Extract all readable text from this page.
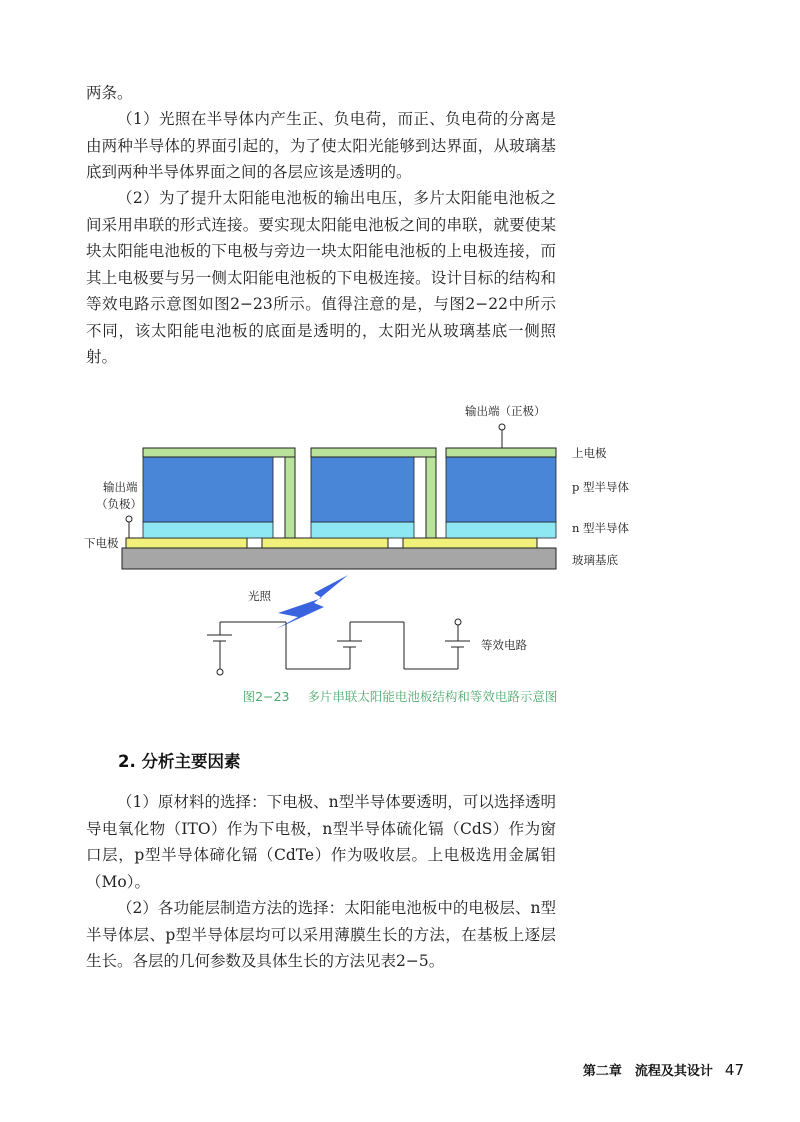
两条。

（1）光照在半导体内产生正、负电荷，而正、负电荷的分离是由两种半导体的界面引起的，为了使太阳光能够到达界面，从玻璃基底到两种半导体界面之间的各层应该是透明的。

（2）为了提升太阳能电池板的输出电压，多片太阳能电池板之间采用串联的形式连接。要实现太阳能电池板之间的串联，就要使某块太阳能电池板的下电极与旁边一块太阳能电池板的上电极连接，而其上电极要与另一侧太阳能电池板的下电极连接。设计目标的结构和等效电路示意图如图2−23所示。值得注意的是，与图2−22中所示不同，该太阳能电池板的底面是透明的，太阳光从玻璃基底一侧照射。

输出端（正极）
上电极
p 型半导体
n 型半导体
玻璃基底
输出端
（负极）
下电极
光照
等效电路
图2−23 多片串联太阳能电池板结构和等效电路示意图
2. 分析主要因素

（1）原材料的选择：下电极、n型半导体要透明，可以选择透明导电氧化物（ITO）作为下电极，n型半导体硫化镉（CdS）作为窗口层，p型半导体碲化镉（CdTe）作为吸收层。上电极选用金属钼（Mo）。

（2）各功能层制造方法的选择：太阳能电池板中的电极层、n型半导体层、p型半导体层均可以采用薄膜生长的方法，在基板上逐层生长。各层的几何参数及具体生长的方法见表2−5。

第二章　流程及其设计 47
